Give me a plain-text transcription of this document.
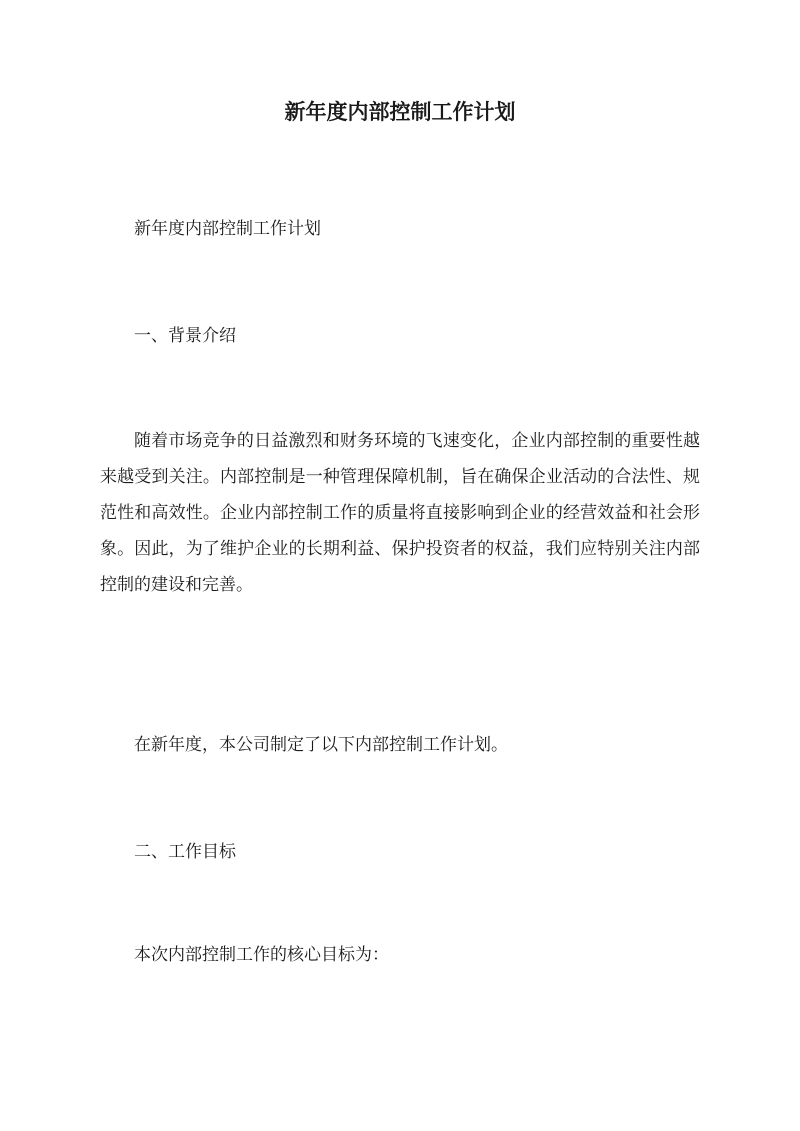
新年度内部控制工作计划

新年度内部控制工作计划

一、背景介绍

随着市场竞争的日益激烈和财务环境的飞速变化，企业内部控制的重要性越来越受到关注。内部控制是一种管理保障机制，旨在确保企业活动的合法性、规范性和高效性。企业内部控制工作的质量将直接影响到企业的经营效益和社会形象。因此，为了维护企业的长期利益、保护投资者的权益，我们应特别关注内部控制的建设和完善。

在新年度，本公司制定了以下内部控制工作计划。

二、工作目标

本次内部控制工作的核心目标为：
